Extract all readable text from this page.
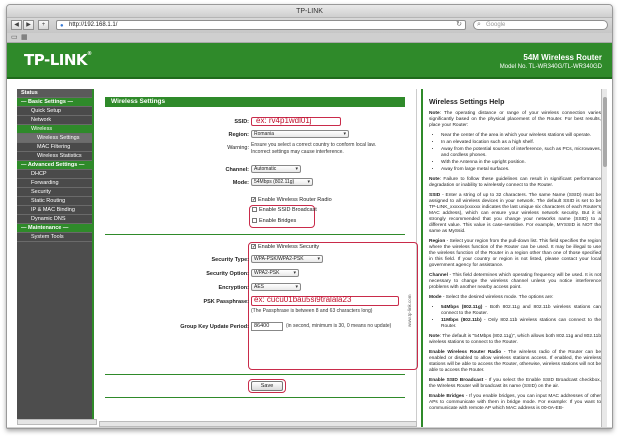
TP-LINK
◀	▶	+	● http://192.168.1.1/	↻ ⌕ Google
▭ ▦
TP-LINK®	54M Wireless Router
Model No. TL-WR340G/TL-WR340GD
Status
— Basic Settings —
Quick Setup
Network
Wireless
Wireless Settings
MAC Filtering
Wireless Statistics
— Advanced Settings —
DHCP
Forwarding
Security
Static Routing
IP & MAC Binding
Dynamic DNS
— Maintenance —
System Tools
Wireless Settings
SSID: ex: rv4p1wdl01j
Region:	Romania	▾
Warning: Ensure you select a correct country to conform local law.
Incorrect settings may cause interference.
Channel:	Automatic	▾
Mode:	54Mbps (802.11g)	▾
✓ Enable Wireless Router Radio
Enable SSID Broadcast
Enable Bridges
✓ Enable Wireless Security
Security Type:	WPA-PSK/WPA2-PSK	▾
Security Option:	WPA2-PSK	▾
Encryption:	AES	▾
PSK Passphrase: ex: cucu01bau5si9tralala23
(The Passphrase is between 8 and 63 characters long)
Group Key Update Period: 86400	(in second, minimum is 30, 0 means no update)
Save
www.tp-link.com
Wireless Settings Help

Note: The operating distance or range of your wireless connection varies significantly based on the physical placement of the Router. For best results, place your Router:

• Near the center of the area in which your wireless stations will operate.
• In an elevated location such as a high shelf.
• Away from the potential sources of interference, such as PCs, microwaves, and cordless phones.
• With the Antenna in the upright position.
• Away from large metal surfaces.

Note: Failure to follow these guidelines can result in significant performance degradation or inability to wirelessly connect to the Router.

SSID - Enter a string of up to 32 characters. The same Name (SSID) must be assigned to all wireless devices in your network. The default SSID is set to be TP-LINK_xxxxxx(xxxxxx indicates the last unique six characters of each Router's MAC address), which can ensure your wireless network security. But it is strongly recommended that you change your networks name (SSID) to a different value. This value is case-sensitive. For example, MYSSID is NOT the same as MySsid.

Region - Select your region from the pull-down list. This field specifies the region where the wireless function of the Router can be used. It may be illegal to use the wireless function of the Router in a region other than one of those specified in this field. If your country or region is not listed, please contact your local government agency for assistance.

Channel - This field determines which operating frequency will be used. It is not necessary to change the wireless channel unless you notice interference problems with another nearby access point.

Mode - Select the desired wireless mode. The options are:

• 54Mbps (802.11g) - Both 802.11g and 802.11b wireless stations can connect to the Router.
• 11Mbps (802.11b) - Only 802.11b wireless stations can connect to the Router.

Note: The default is "54Mbps (802.11g)", which allows both 802.11g and 802.11b wireless stations to connect to the Router.

Enable Wireless Router Radio - The wireless radio of the Router can be enabled or disabled to allow wireless stations access. If enabled, the wireless stations will be able to access the Router, otherwise, wireless stations will not be able to access the Router.

Enable SSID Broadcast - If you select the Enable SSID Broadcast checkbox, the Wireless Router will broadcast its name (SSID) on the air.

Enable Bridges - If you enable bridges, you can input MAC addresses of other APs to communicate with them in bridge mode. For example: If you want to communicate with remote AP which MAC address is 00-0A-EB-
